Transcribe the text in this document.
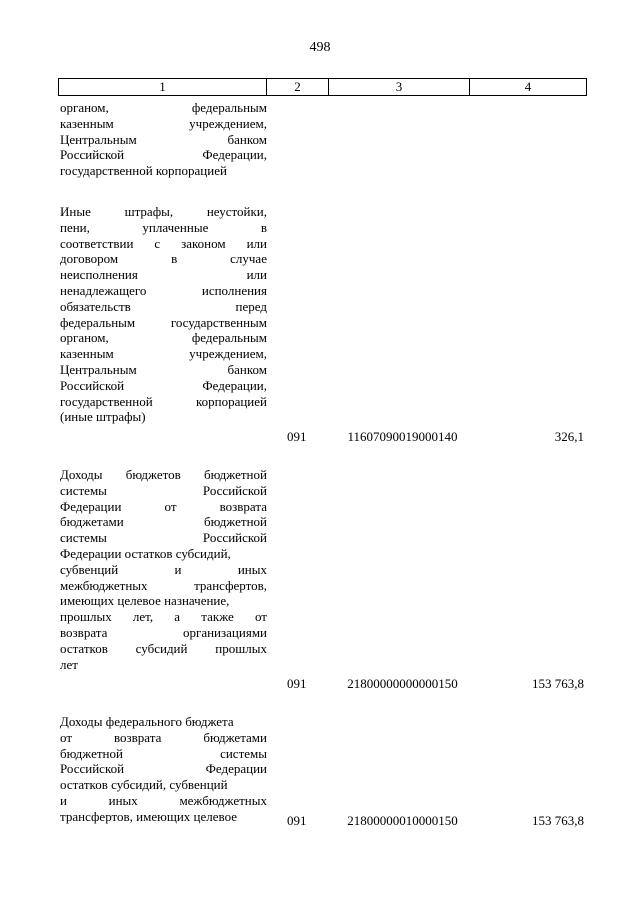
498
1	2	3	4
органом,	федеральным
казенным	учреждением,
Центральным	банком
Российской	Федерации,
государственной корпорацией
Иные	штрафы,	неустойки,
пени,	уплаченные	в
соответствии с законом или
договором	в	случае
неисполнения	или
ненадлежащего	исполнения
обязательств	перед
федеральным	государственным
органом,	федеральным
казенным	учреждением,
Центральным	банком
Российской	Федерации,
государственной	корпорацией
(иные штрафы)
091	11607090019000140	326,1
Доходы бюджетов бюджетной
системы	Российской
Федерации	от	возврата
бюджетами	бюджетной
системы	Российской
Федерации остатков субсидий,
субвенций	и	иных
межбюджетных	трансфертов,
имеющих целевое назначение,
прошлых лет, а также от
возврата	организациями
остатков субсидий прошлых
лет
091	21800000000000150	153 763,8
Доходы федерального бюджета
от	возврата	бюджетами
бюджетной	системы
Российской	Федерации
остатков субсидий, субвенций
и	иных	межбюджетных
трансфертов, имеющих целевое	091	21800000010000150	153 763,8
